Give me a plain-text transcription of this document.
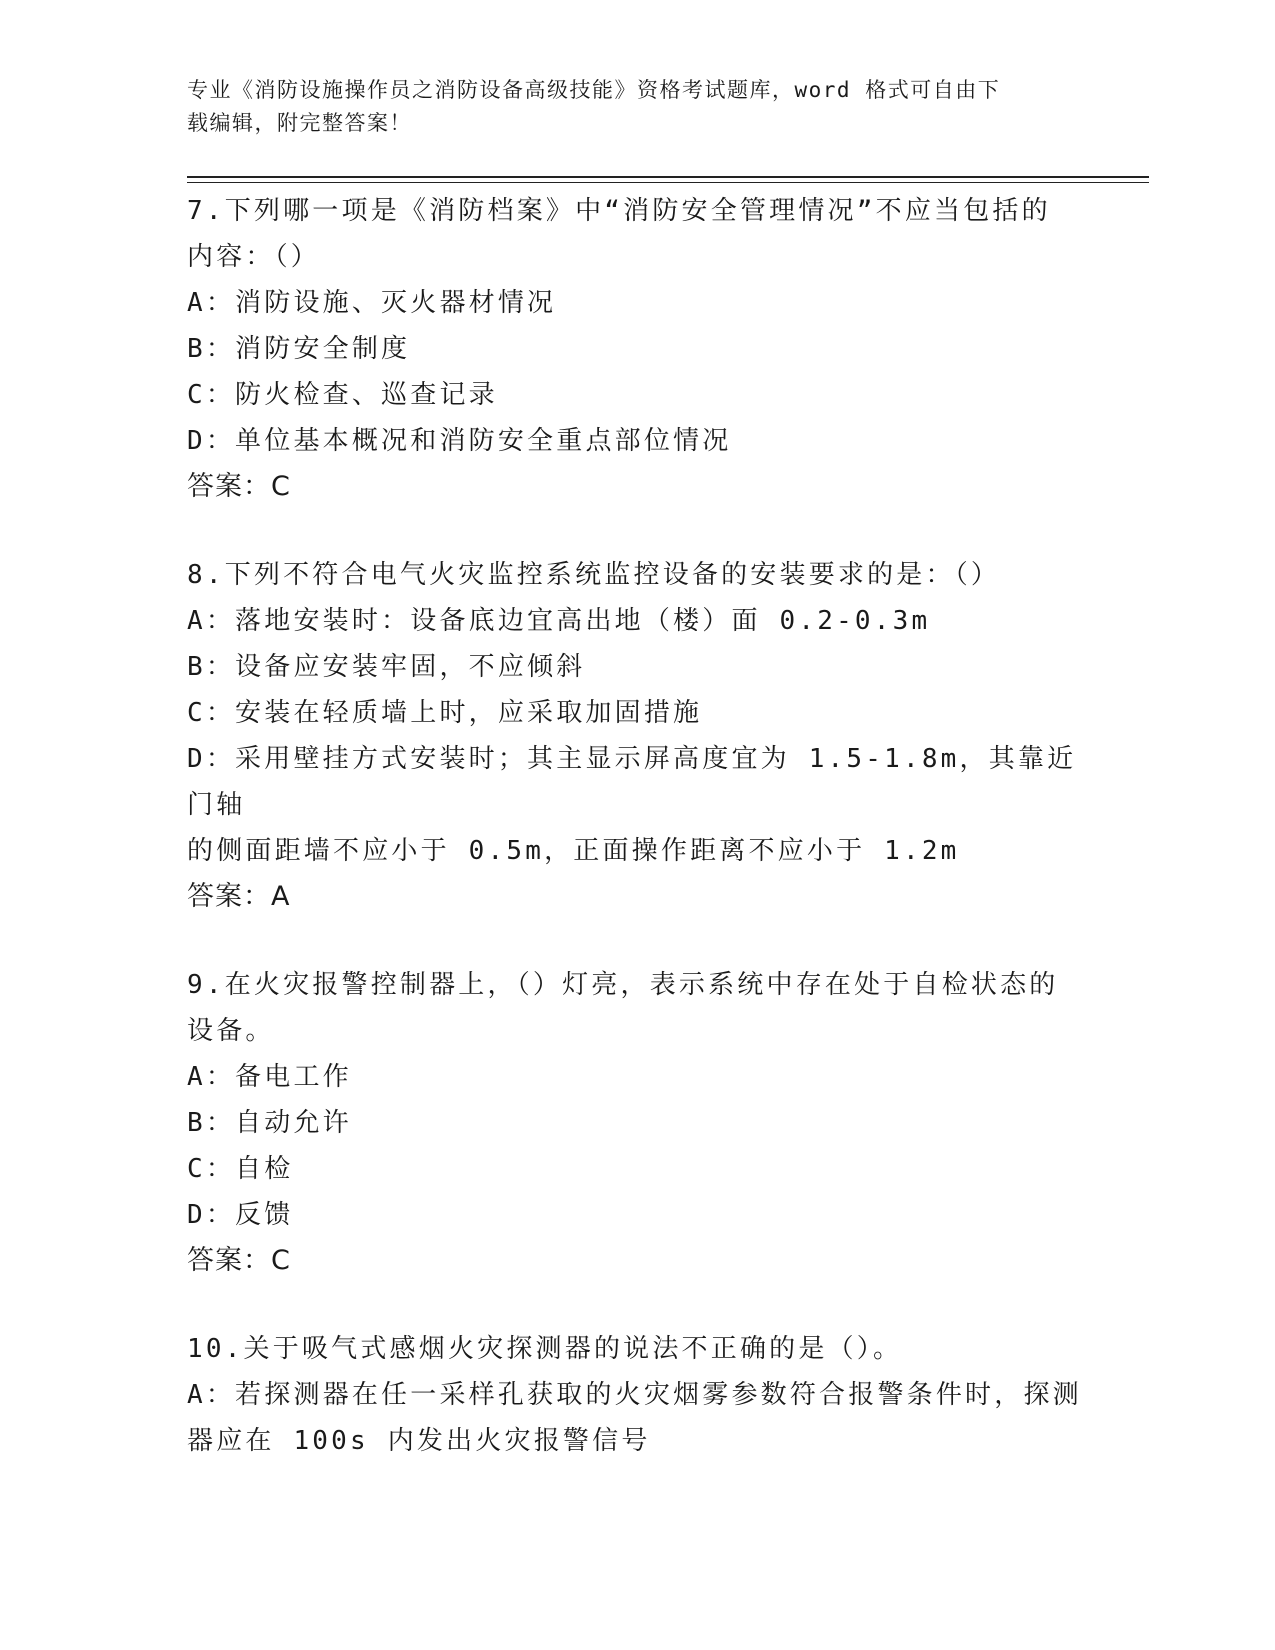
专业《消防设施操作员之消防设备高级技能》资格考试题库，word 格式可自由下
载编辑，附完整答案！
7.下列哪一项是《消防档案》中“消防安全管理情况”不应当包括的
内容：（）
A：消防设施、灭火器材情况
B：消防安全制度
C：防火检查、巡查记录
D：单位基本概况和消防安全重点部位情况
答案：C
8.下列不符合电气火灾监控系统监控设备的安装要求的是：（）
A：落地安装时：设备底边宜高出地（楼）面 0.2-0.3m
B：设备应安装牢固，不应倾斜
C：安装在轻质墙上时，应采取加固措施
D：采用壁挂方式安装时；其主显示屏高度宜为 1.5-1.8m，其靠近门轴
的侧面距墙不应小于 0.5m，正面操作距离不应小于 1.2m
答案：A
9.在火灾报警控制器上，（）灯亮，表示系统中存在处于自检状态的
设备。
A：备电工作
B：自动允许
C：自检
D：反馈
答案：C
10.关于吸气式感烟火灾探测器的说法不正确的是（）。
A：若探测器在任一采样孔获取的火灾烟雾参数符合报警条件时，探测
器应在 100s 内发出火灾报警信号
